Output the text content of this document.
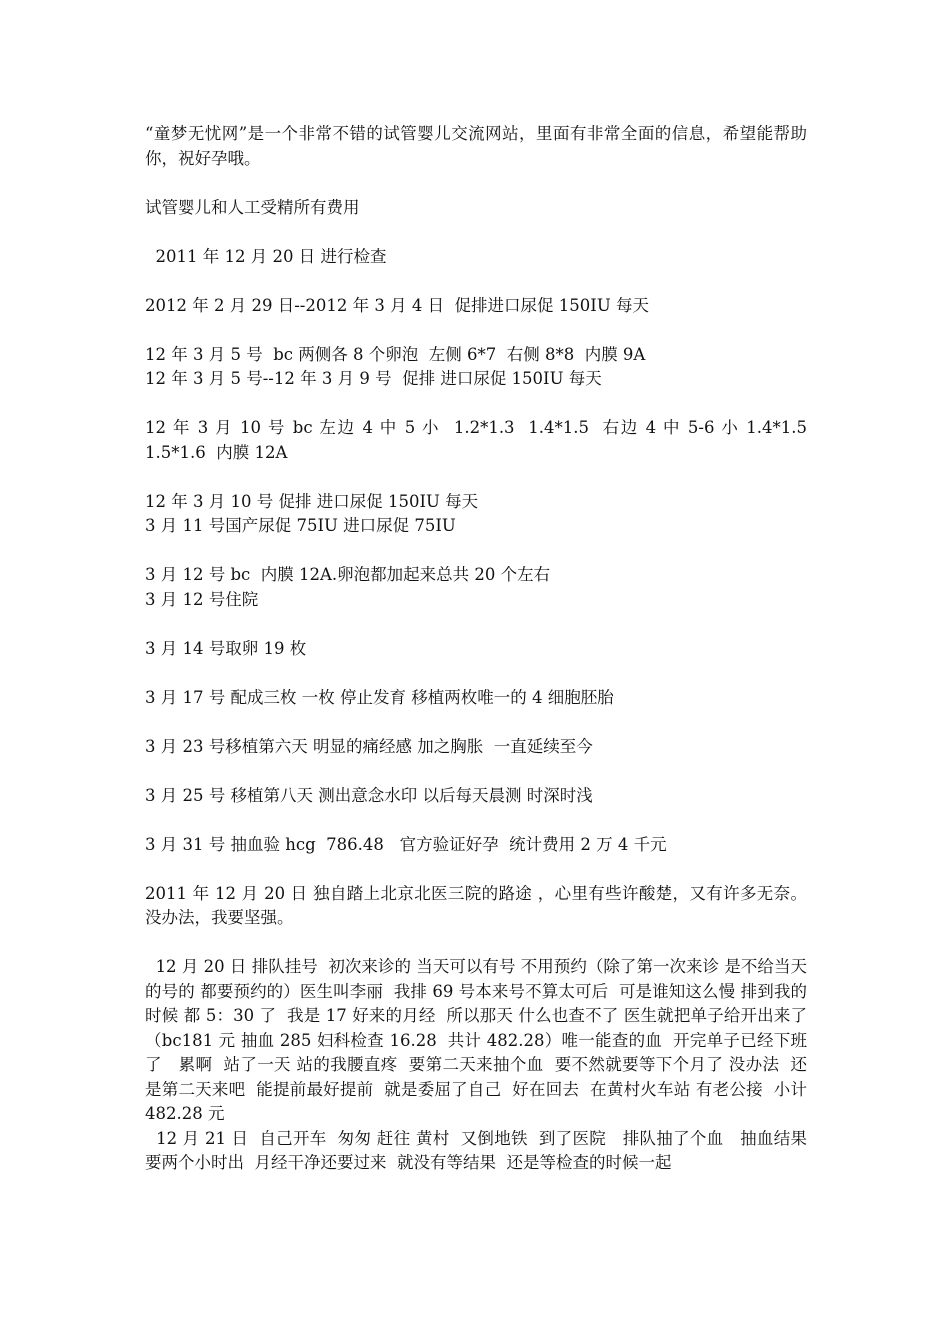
“童梦无忧网”是一个非常不错的试管婴儿交流网站，里面有非常全面的信息，希望能帮助你，祝好孕哦。

试管婴儿和人工受精所有费用

2011 年 12 月 20 日 进行检查

2012 年 2 月 29 日--2012 年 3 月 4 日  促排进口尿促 150IU 每天

12 年 3 月 5 号  bc 两侧各 8 个卵泡  左侧 6*7  右侧 8*8  内膜 9A
12 年 3 月 5 号--12 年 3 月 9 号  促排 进口尿促 150IU 每天

12 年 3 月 10 号 bc 左边 4 中 5 小  1.2*1.3  1.4*1.5  右边 4 中 5-6 小 1.4*1.5 1.5*1.6  内膜 12A

12 年 3 月 10 号 促排 进口尿促 150IU 每天
3 月 11 号国产尿促 75IU 进口尿促 75IU

3 月 12 号 bc  内膜 12A.卵泡都加起来总共 20 个左右
3 月 12 号住院

3 月 14 号取卵 19 枚

3 月 17 号 配成三枚 一枚 停止发育 移植两枚唯一的 4 细胞胚胎

3 月 23 号移植第六天 明显的痛经感 加之胸胀  一直延续至今

3 月 25 号 移植第八天 测出意念水印 以后每天晨测 时深时浅

3 月 31 号 抽血验 hcg  786.48   官方验证好孕  统计费用 2 万 4 千元

2011 年 12 月 20 日 独自踏上北京北医三院的路途 ，心里有些许酸楚，又有许多无奈。没办法，我要坚强。

12 月 20 日 排队挂号  初次来诊的 当天可以有号 不用预约（除了第一次来诊 是不给当天的号的 都要预约的）医生叫李丽  我排 69 号本来号不算太可后  可是谁知这么慢 排到我的时候 都 5：30 了  我是 17 好来的月经  所以那天 什么也查不了 医生就把单子给开出来了（bc181 元 抽血 285 妇科检查 16.28  共计 482.28）唯一能查的血  开完单子已经下班了   累啊  站了一天 站的我腰直疼  要第二天来抽个血  要不然就要等下个月了 没办法  还是第二天来吧  能提前最好提前  就是委屈了自己  好在回去  在黄村火车站 有老公接  小计 482.28 元

12 月 21 日  自己开车  匆匆 赶往 黄村  又倒地铁  到了医院   排队抽了个血   抽血结果要两个小时出  月经干净还要过来  就没有等结果  还是等检查的时候一起
